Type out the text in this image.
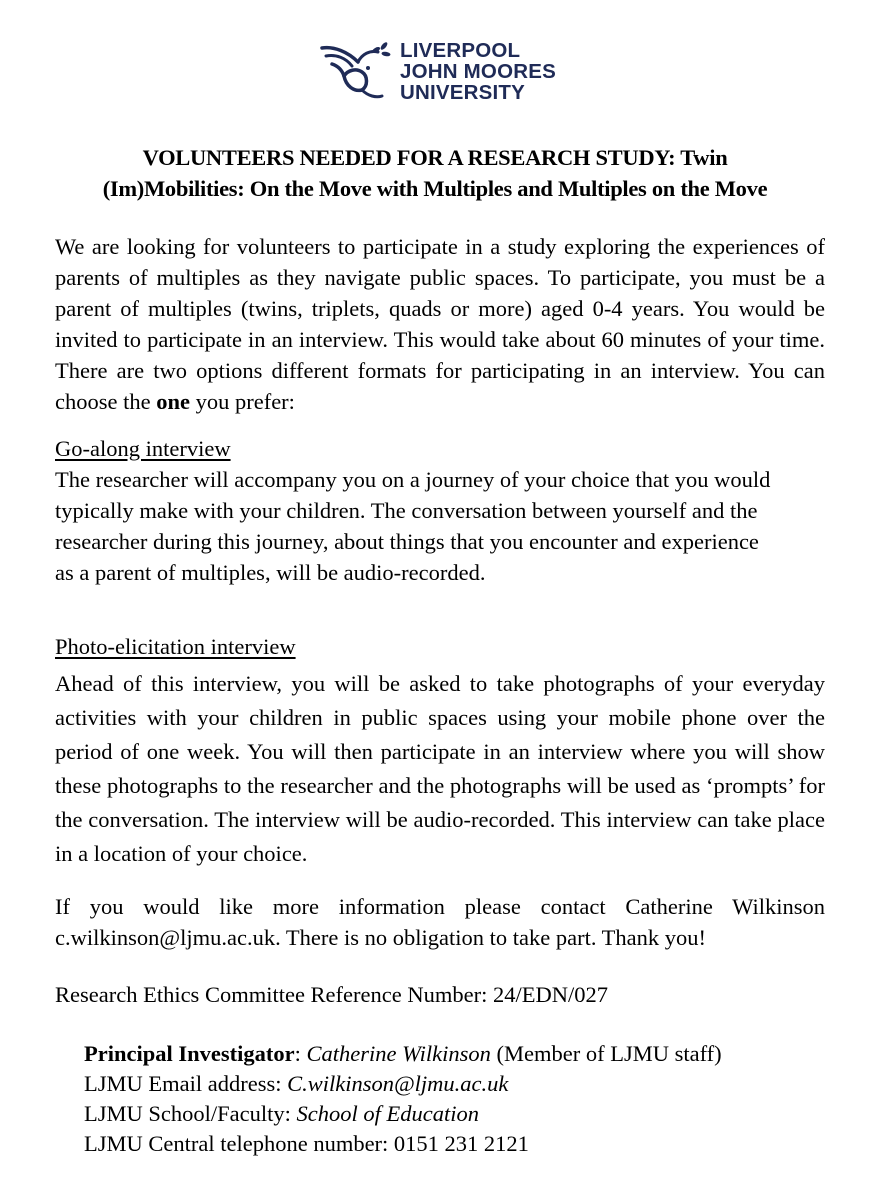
LIVERPOOL
JOHN MOORES
UNIVERSITY
VOLUNTEERS NEEDED FOR A RESEARCH STUDY: Twin
(Im)Mobilities: On the Move with Multiples and Multiples on the Move
We are looking for volunteers to participate in a study exploring the experiences of parents of multiples as they navigate public spaces. To participate, you must be a parent of multiples (twins, triplets, quads or more) aged 0-4 years. You would be invited to participate in an interview. This would take about 60 minutes of your time. There are two options different formats for participating in an interview. You can choose the one you prefer:
Go-along interview
The researcher will accompany you on a journey of your choice that you would
typically make with your children. The conversation between yourself and the
researcher during this journey, about things that you encounter and experience
as a parent of multiples, will be audio-recorded.
Photo-elicitation interview
Ahead of this interview, you will be asked to take photographs of your everyday activities with your children in public spaces using your mobile phone over the period of one week. You will then participate in an interview where you will show these photographs to the researcher and the photographs will be used as ‘prompts’ for the conversation. The interview will be audio-recorded. This interview can take place in a location of your choice.
If you would like more information please contact Catherine Wilkinson c.wilkinson@ljmu.ac.uk. There is no obligation to take part. Thank you!
Research Ethics Committee Reference Number: 24/EDN/027
Principal Investigator: Catherine Wilkinson (Member of LJMU staff)
LJMU Email address: C.wilkinson@ljmu.ac.uk
LJMU School/Faculty: School of Education
LJMU Central telephone number: 0151 231 2121
